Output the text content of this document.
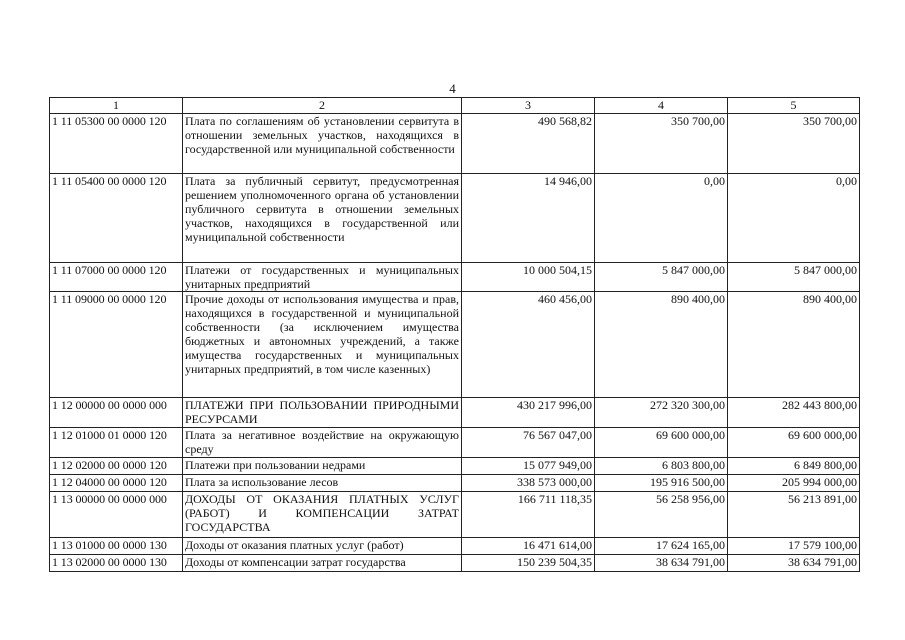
4
1	2	3	4	5
1 11 05300 00 0000 120	Плата по соглашениям об установлении сервитута в отношении земельных участков, находящихся в государственной или муниципальной собственности	490 568,82	350 700,00	350 700,00
1 11 05400 00 0000 120	Плата за публичный сервитут, предусмотренная решением уполномоченного органа об установлении публичного сервитута в отношении земельных участков, находящихся в государственной или муниципальной собственности	14 946,00	0,00	0,00
1 11 07000 00 0000 120	Платежи от государственных и муниципальных унитарных предприятий	10 000 504,15	5 847 000,00	5 847 000,00
1 11 09000 00 0000 120	Прочие доходы от использования имущества и прав, находящихся в государственной и муниципальной собственности (за исключением имущества бюджетных и автономных учреждений, а также имущества государственных и муниципальных унитарных предприятий, в том числе казенных)	460 456,00	890 400,00	890 400,00
1 12 00000 00 0000 000	ПЛАТЕЖИ ПРИ ПОЛЬЗОВАНИИ ПРИРОДНЫМИ РЕСУРСАМИ	430 217 996,00	272 320 300,00	282 443 800,00
1 12 01000 01 0000 120	Плата за негативное воздействие на окружающую среду	76 567 047,00	69 600 000,00	69 600 000,00
1 12 02000 00 0000 120	Платежи при пользовании недрами	15 077 949,00	6 803 800,00	6 849 800,00
1 12 04000 00 0000 120	Плата за использование лесов	338 573 000,00	195 916 500,00	205 994 000,00
1 13 00000 00 0000 000	ДОХОДЫ ОТ ОКАЗАНИЯ ПЛАТНЫХ УСЛУГ (РАБОТ) И КОМПЕНСАЦИИ ЗАТРАТ ГОСУДАРСТВА	166 711 118,35	56 258 956,00	56 213 891,00
1 13 01000 00 0000 130	Доходы от оказания платных услуг (работ)	16 471 614,00	17 624 165,00	17 579 100,00
1 13 02000 00 0000 130	Доходы от компенсации затрат государства	150 239 504,35	38 634 791,00	38 634 791,00
